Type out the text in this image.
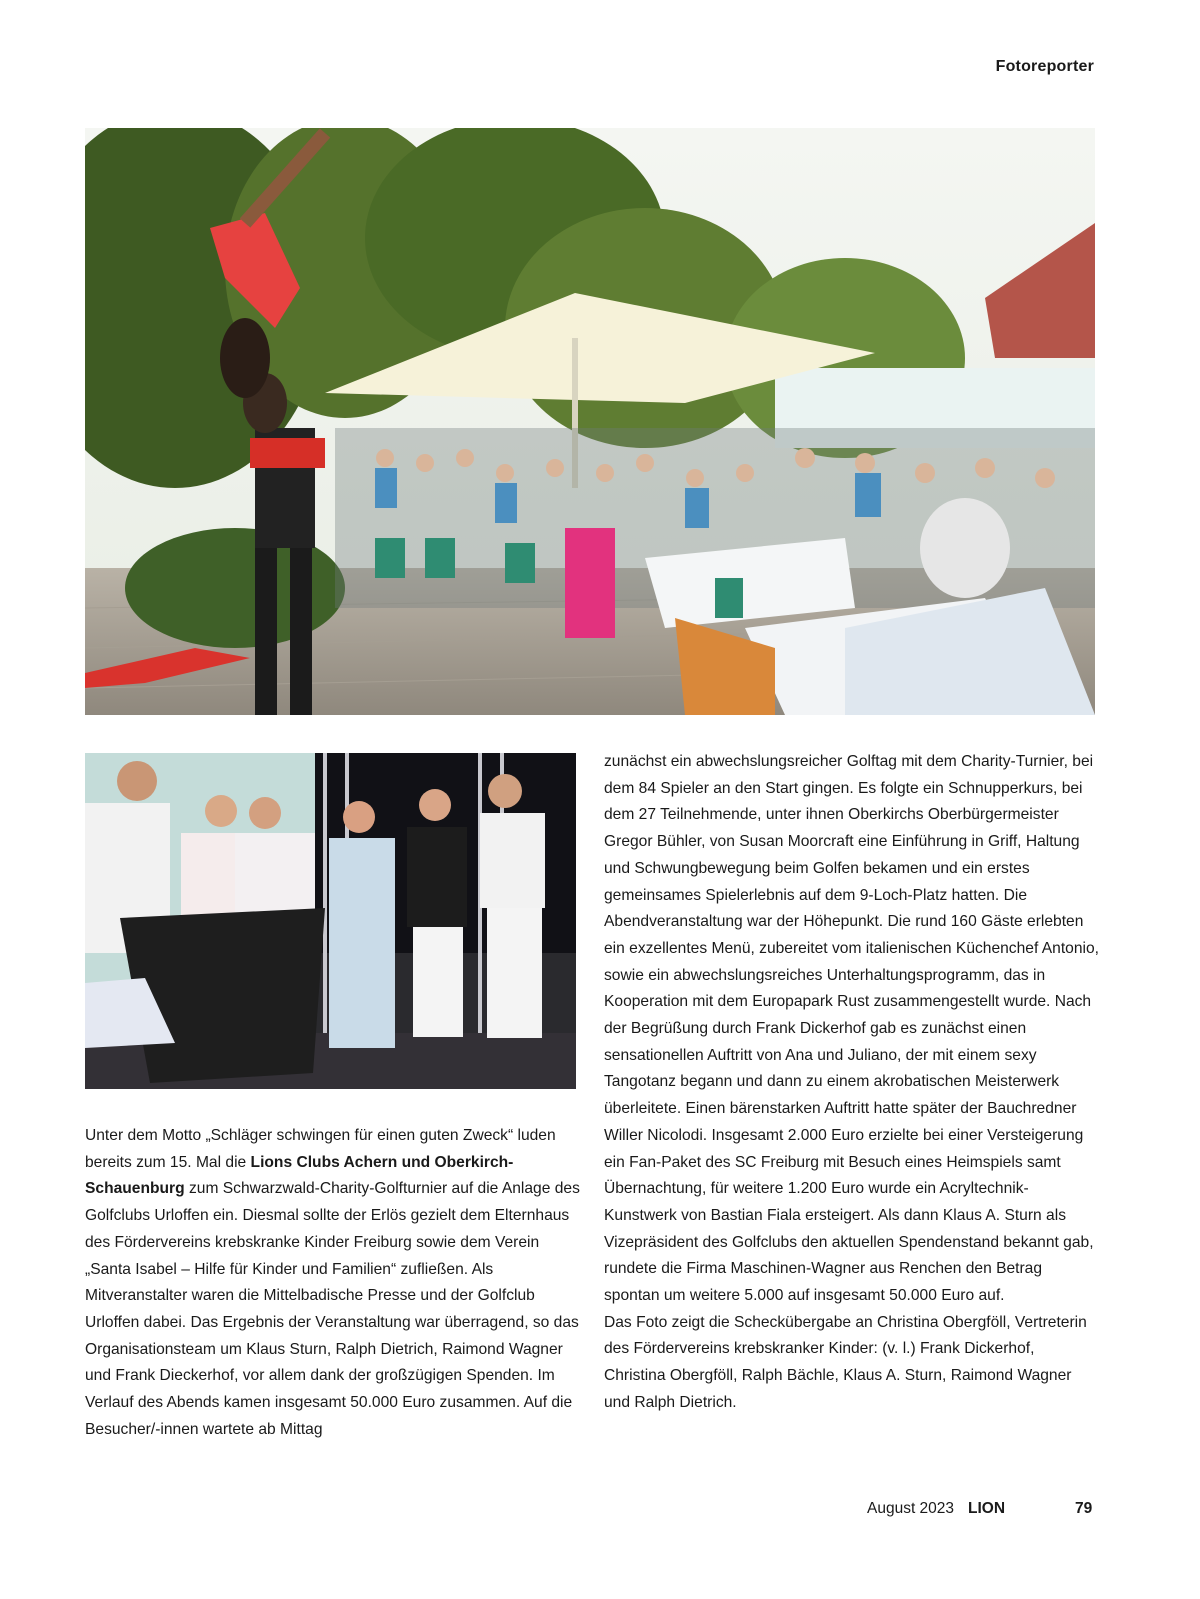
Fotoreporter

Unter dem Motto „Schläger schwingen für einen guten Zweck“ luden bereits zum 15. Mal die Lions Clubs Achern und Oberkirch-Schauenburg zum Schwarzwald-Charity-Golfturnier auf die Anlage des Golfclubs Urloffen ein. Diesmal sollte der Erlös gezielt dem Elternhaus des Fördervereins krebskranke Kinder Freiburg sowie dem Verein „Santa Isabel – Hilfe für Kinder und Familien“ zufließen. Als Mitveranstalter waren die Mittelbadische Presse und der Golfclub Urloffen dabei. Das Ergebnis der Veranstaltung war überragend, so das Organisationsteam um Klaus Sturn, Ralph Dietrich, Raimond Wagner und Frank Dieckerhof, vor allem dank der großzügigen Spenden. Im Verlauf des Abends kamen insgesamt 50.000 Euro zusammen. Auf die Besucher/-innen wartete ab Mittag

zunächst ein abwechslungsreicher Golftag mit dem Charity-Turnier, bei dem 84 Spieler an den Start gingen. Es folgte ein Schnupperkurs, bei dem 27 Teilnehmende, unter ihnen Oberkirchs Oberbürgermeister Gregor Bühler, von Susan Moorcraft eine Einführung in Griff, Haltung und Schwungbewegung beim Golfen bekamen und ein erstes gemeinsames Spielerlebnis auf dem 9-Loch-Platz hatten. Die Abendveranstaltung war der Höhepunkt. Die rund 160 Gäste erlebten ein exzellentes Menü, zubereitet vom italienischen Küchenchef Antonio, sowie ein abwechslungsreiches Unterhaltungsprogramm, das in Kooperation mit dem Europapark Rust zusammengestellt wurde. Nach der Begrüßung durch Frank Dickerhof gab es zunächst einen sensationellen Auftritt von Ana und Juliano, der mit einem sexy Tangotanz begann und dann zu einem akrobatischen Meisterwerk überleitete. Einen bärenstarken Auftritt hatte später der Bauchredner Willer Nicolodi. Insgesamt 2.000 Euro erzielte bei einer Versteigerung ein Fan-Paket des SC Freiburg mit Besuch eines Heimspiels samt Übernachtung, für weitere 1.200 Euro wurde ein Acryltechnik-Kunstwerk von Bastian Fiala ersteigert. Als dann Klaus A. Sturn als Vizepräsident des Golfclubs den aktuellen Spendenstand bekannt gab, rundete die Firma Maschinen-Wagner aus Renchen den Betrag spontan um weitere 5.000 auf insgesamt 50.000 Euro auf.

Das Foto zeigt die Scheckübergabe an Christina Obergföll, Vertreterin des Fördervereins krebskranker Kinder: (v. l.) Frank Dickerhof, Christina Obergföll, Ralph Bächle, Klaus A. Sturn, Raimond Wagner und Ralph Dietrich.

August 2023 LION	79
